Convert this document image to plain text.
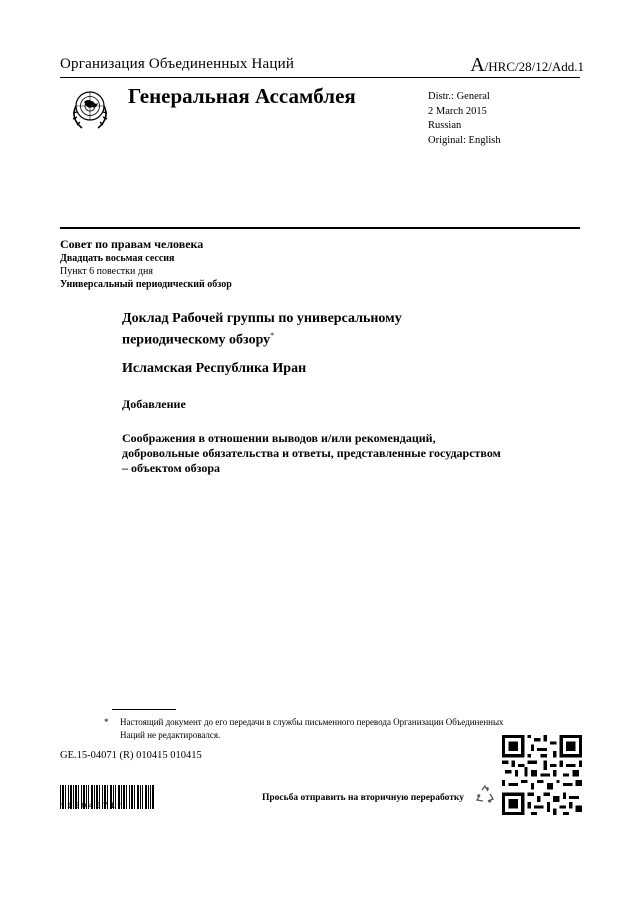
Организация Объединенных Наций	A/HRC/28/12/Add.1
Генеральная Ассамблея	Distr.: General
2 March 2015
Russian
Original: English
Совет по правам человека
Двадцать восьмая сессия
Пункт 6 повестки дня
Универсальный периодический обзор
Доклад Рабочей группы по универсальному периодическому обзору*
Исламская Республика Иран
Добавление
Соображения в отношении выводов и/или рекомендаций, добровольные обязательства и ответы, представленные государством – объектом обзора
*	Настоящий документ до его передачи в службы письменного перевода Организации Объединенных Наций не редактировался.
GE.15-04071 (R) 010415 010415
*1504071*
Просьба отправить на вторичную переработку
